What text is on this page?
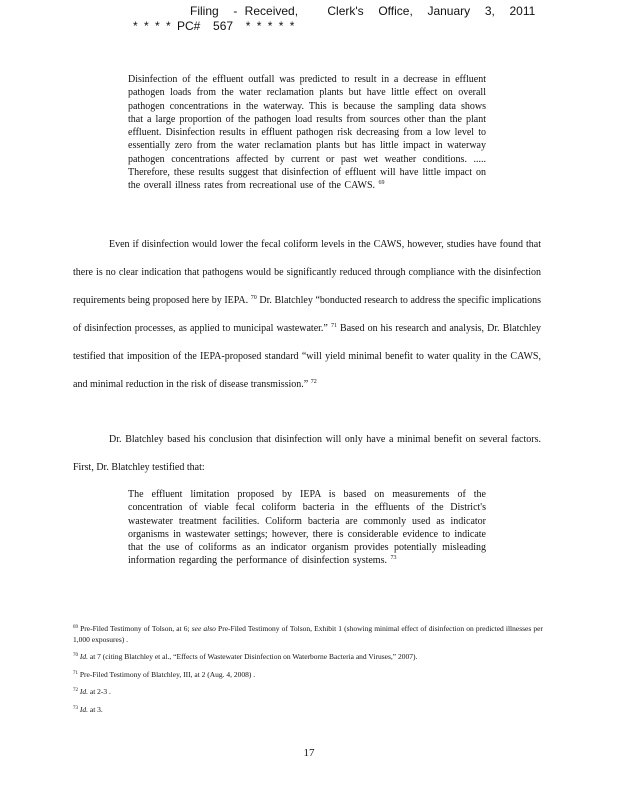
Filing  - Received,    Clerk's  Office,  January  3,  2011
* * * * PC#  567  * * * * *
Disinfection of the effluent outfall was predicted to result in a decrease in effluent pathogen loads from the water reclamation plants but have little effect on overall pathogen concentrations in the waterway. This is because the sampling data shows that a large proportion of the pathogen load results from sources other than the plant effluent. Disinfection results in effluent pathogen risk decreasing from a low level to essentially zero from the water reclamation plants but has little impact in waterway pathogen concentrations affected by current or past wet weather conditions. ..... Therefore, these results suggest that disinfection of effluent will have little impact on the overall illness rates from recreational use of the CAWS. $^{69}$
Even if disinfection would lower the fecal coliform levels in the CAWS, however, studies have found that there is no clear indication that pathogens would be significantly reduced through compliance with the disinfection requirements being proposed here by IEPA. $^{70}$ Dr. Blatchley “bonducted research to address the specific implications of disinfection processes, as applied to municipal wastewater.” $^{71}$ Based on his research and analysis, Dr. Blatchley testified that imposition of the IEPA-proposed standard “will yield minimal benefit to water quality in the CAWS, and minimal reduction in the risk of disease transmission.” $^{72}$
Dr. Blatchley based his conclusion that disinfection will only have a minimal benefit on several factors. First, Dr. Blatchley testified that:
The effluent limitation proposed by IEPA is based on measurements of the concentration of viable fecal coliform bacteria in the effluents of the District's wastewater treatment facilities. Coliform bacteria are commonly used as indicator organisms in wastewater settings; however, there is considerable evidence to indicate that the use of coliforms as an indicator organism provides potentially misleading information regarding the performance of disinfection systems. $^{73}$
$^{69}$ Pre-Filed Testimony of Tolson, at 6; see also Pre-Filed Testimony of Tolson, Exhibit 1 (showing minimal effect of disinfection on predicted illnesses per 1,000 exposures) .
$^{70}$ Id. at 7 (citing Blatchley et al., “Effects of Wastewater Disinfection on Waterborne Bacteria and Viruses,” 2007).
$^{71}$ Pre-Filed Testimony of Blatchley, III, at 2 (Aug. 4, 2008) .
$^{72}$ Id. at 2-3 .
$^{73}$ Id. at 3.
17
